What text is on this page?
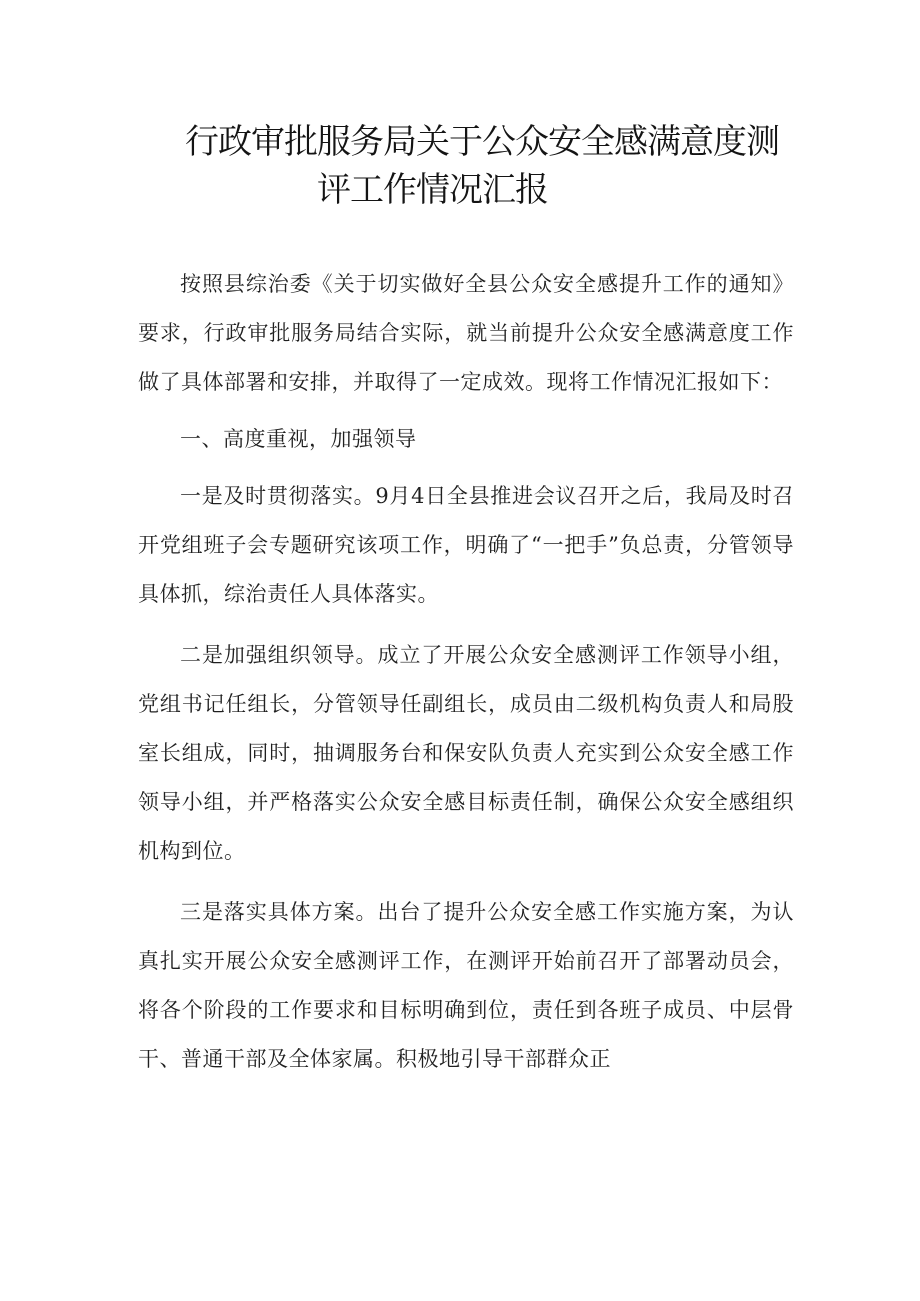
行政审批服务局关于公众安全感满意度测
评工作情况汇报

按照县综治委《关于切实做好全县公众安全感提升工作的通知》要求，行政审批服务局结合实际，就当前提升公众安全感满意度工作做了具体部署和安排，并取得了一定成效。现将工作情况汇报如下：

一、高度重视，加强领导

一是及时贯彻落实。9月4日全县推进会议召开之后，我局及时召开党组班子会专题研究该项工作，明确了“一把手”负总责，分管领导具体抓，综治责任人具体落实。

二是加强组织领导。成立了开展公众安全感测评工作领导小组，党组书记任组长，分管领导任副组长，成员由二级机构负责人和局股室长组成，同时，抽调服务台和保安队负责人充实到公众安全感工作领导小组，并严格落实公众安全感目标责任制，确保公众安全感组织机构到位。

三是落实具体方案。出台了提升公众安全感工作实施方案，为认真扎实开展公众安全感测评工作，在测评开始前召开了部署动员会，将各个阶段的工作要求和目标明确到位，责任到各班子成员、中层骨干、普通干部及全体家属。积极地引导干部群众正
